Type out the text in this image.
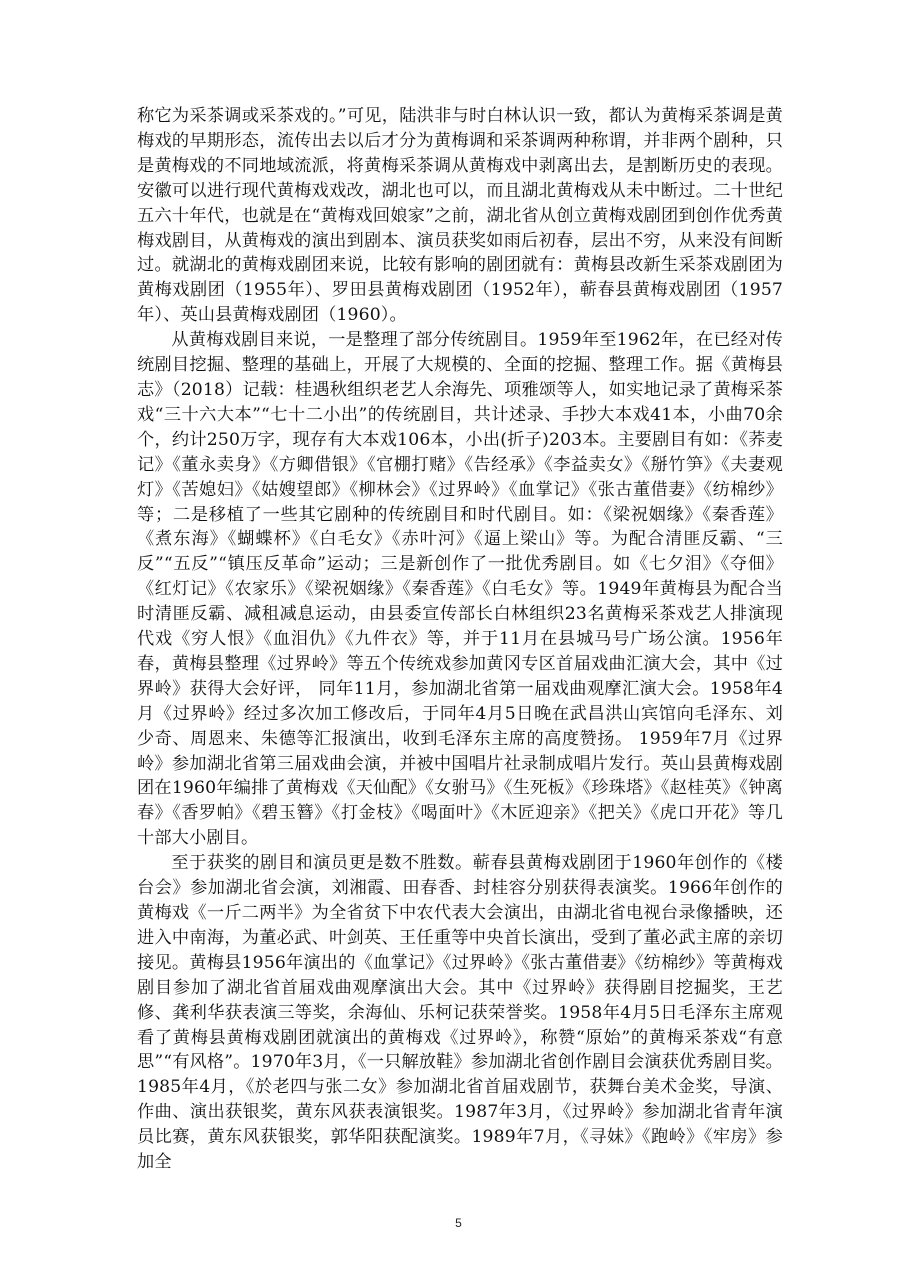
称它为采茶调或采茶戏的。”可见，陆洪非与时白林认识一致，都认为黄梅采茶调是黄梅戏的早期形态，流传出去以后才分为黄梅调和采茶调两种称谓，并非两个剧种，只是黄梅戏的不同地域流派，将黄梅采茶调从黄梅戏中剥离出去，是割断历史的表现。安徽可以进行现代黄梅戏戏改，湖北也可以，而且湖北黄梅戏从未中断过。二十世纪五六十年代，也就是在“黄梅戏回娘家”之前，湖北省从创立黄梅戏剧团到创作优秀黄梅戏剧目，从黄梅戏的演出到剧本、演员获奖如雨后初春，层出不穷，从来没有间断过。就湖北的黄梅戏剧团来说，比较有影响的剧团就有：黄梅县改新生采茶戏剧团为黄梅戏剧团（1955年）、罗田县黄梅戏剧团（1952年），蕲春县黄梅戏剧团（1957年）、英山县黄梅戏剧团（1960）。

从黄梅戏剧目来说，一是整理了部分传统剧目。1959年至1962年，在已经对传统剧目挖掘、整理的基础上，开展了大规模的、全面的挖掘、整理工作。据《黄梅县志》（2018）记载：桂遇秋组织老艺人余海先、项雅颂等人，如实地记录了黄梅采茶戏“三十六大本”“七十二小出”的传统剧目，共计述录、手抄大本戏41本，小曲70余个，约计250万字，现存有大本戏106本，小出(折子)203本。主要剧目有如：《荞麦记》《董永卖身》《方卿借银》《官棚打赌》《告经承》《李益卖女》《掰竹笋》《夫妻观灯》《苦媳妇》《姑嫂望郎》《柳林会》《过界岭》《血掌记》《张古董借妻》《纺棉纱》等；二是移植了一些其它剧种的传统剧目和时代剧目。如：《梁祝姻缘》《秦香莲》《煮东海》《蝴蝶杯》《白毛女》《赤叶河》《逼上梁山》等。为配合清匪反霸、“三反”“五反”“镇压反革命”运动；三是新创作了一批优秀剧目。如《七夕泪》《夺佃》《红灯记》《农家乐》《梁祝姻缘》《秦香莲》《白毛女》等。1949年黄梅县为配合当时清匪反霸、减租减息运动，由县委宣传部长白林组织23名黄梅采茶戏艺人排演现代戏《穷人恨》《血泪仇》《九件衣》等，并于11月在县城马号广场公演。1956年春，黄梅县整理《过界岭》等五个传统戏参加黄冈专区首届戏曲汇演大会，其中《过界岭》获得大会好评， 同年11月，参加湖北省第一届戏曲观摩汇演大会。1958年4月《过界岭》经过多次加工修改后，于同年4月5日晚在武昌洪山宾馆向毛泽东、刘少奇、周恩来、朱德等汇报演出，收到毛泽东主席的高度赞扬。 1959年7月《过界岭》参加湖北省第三届戏曲会演，并被中国唱片社录制成唱片发行。英山县黄梅戏剧团在1960年编排了黄梅戏《天仙配》《女驸马》《生死板》《珍珠塔》《赵桂英》《钟离春》《香罗帕》《碧玉簪》《打金枝》《喝面叶》《木匠迎亲》《把关》《虎口开花》等几十部大小剧目。

至于获奖的剧目和演员更是数不胜数。蕲春县黄梅戏剧团于1960年创作的《楼台会》参加湖北省会演，刘湘霞、田春香、封桂容分别获得表演奖。1966年创作的黄梅戏《一斤二两半》为全省贫下中农代表大会演出，由湖北省电视台录像播映，还进入中南海，为董必武、叶剑英、王任重等中央首长演出，受到了董必武主席的亲切接见。黄梅县1956年演出的《血掌记》《过界岭》《张古董借妻》《纺棉纱》等黄梅戏剧目参加了湖北省首届戏曲观摩演出大会。其中《过界岭》获得剧目挖掘奖，王艺修、龚利华获表演三等奖，余海仙、乐柯记获荣誉奖。1958年4月5日毛泽东主席观看了黄梅县黄梅戏剧团就演出的黄梅戏《过界岭》，称赞“原始”的黄梅采茶戏“有意思”“有风格”。1970年3月，《一只解放鞋》参加湖北省创作剧目会演获优秀剧目奖。1985年4月，《於老四与张二女》参加湖北省首届戏剧节，获舞台美术金奖，导演、作曲、演出获银奖，黄东风获表演银奖。1987年3月，《过界岭》参加湖北省青年演员比赛，黄东风获银奖，郭华阳获配演奖。1989年7月，《寻妹》《跑岭》《牢房》参加全

5
